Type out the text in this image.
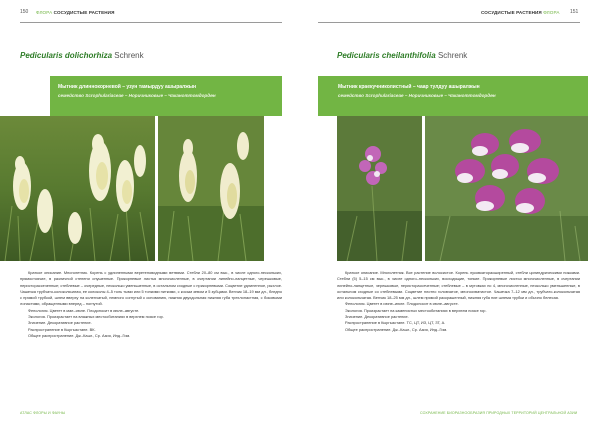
150 ФЛОРА СОСУДИСТЫЕ РАСТЕНИЯ
Pedicularis dolichorhiza Schrenk
Мытник длиннокорневой – узун тамырдуу ашыралжын
семейство Scrophulariaceae – Норичниковые – Чаканоттомдордөн

Краткое описание. Многолетник. Корень с удлиненными веретеновидными ветвями. Стебли 20–80 см выс., в числе одного-нескольких, прямостоячие, в различной степени опушенные. Прикорневые листья многочисленные, в очертании линейно-ланцетные, черешковые, перисторассеченные; стеблевые – очередные, несколько уменьшенные, в остальном сходные с прикорневыми. Соцветие удлиненное, рыхлое. Чашечка трубчато-колокольчатая, ее колоколы 4–5 толь тыми или 5 тонкими ниткими, с косым зевом и 5 зубцами. Венчик 18–19 мм дл., бледно с прямой трубкой, шлем вверху на коленчатый, немного согнутый к основанию, нижняя двухдольная нижняя губа трехлопастная, с боковыми лопастями, обращенными вперед – погнутой.

Фенология. Цветет в мае–июле. Плодоносит в июле–августе.

Экология. Произрастает на влажных местообитаниях в верхнем поясе гор.

Значение. Декоративное растение.

Распространение в Кыргызстане. ВК.

Общее распространение. Дж.-Кашг., Ср. Азия, Инд.-Гим.

АТЛАС ФЛОРЫ И ФАУНЫ
СОСУДИСТЫЕ РАСТЕНИЯ ФЛОРА 151
Pedicularis cheilanthifolia Schrenk
Мытник краекучниколистный – чаар тулдуу ашыралжын
семейство Scrophulariaceae – Норичниковые – Чаканоттомдордөн

Краткое описание. Многолетник. Все растение волосистое. Корень луковкаторасширенный, стебли цилиндрическими ножками. Стебли (5) 5–15 см выс., в числе одного–нескольких, восходящие, тонкие. Прикорневые листья многочисленные, в очертании линейно-ланцетные, черешковые, перисторассеченные; стеблевые – в мутовках по 4, многочисленные, несколько уменьшенные, в остальном сходные со стеблевыми. Соцветие плотно головчатое, многоохватистое. Чашечка 7–12 мм дл., трубчато-колокольчатая или колокольчатая. Венчик 18–25 мм дл., шлем прямой раскрашенный, нижняя губа ние шлема трубки и обычно белесая.

Фенология. Цветет в июне–июле. Плодоносит в июле–августе.

Экология. Произрастает на каменистых местообитаниях в верхнем поясе гор.

Значение. Декоративное растение.

Распространение в Кыргызстане. ТС, ЦТ, ИЗ, ЦТ, ЗТ, А.

Общее распространение. Дж.-Кашг., Ср. Азия, Инд.-Гим.

СОХРАНЕНИЕ БИОРАЗНООБРАЗИЯ ПРИРОДНЫХ ТЕРРИТОРИЙ ЦЕНТРАЛЬНОЙ АЗИИ
